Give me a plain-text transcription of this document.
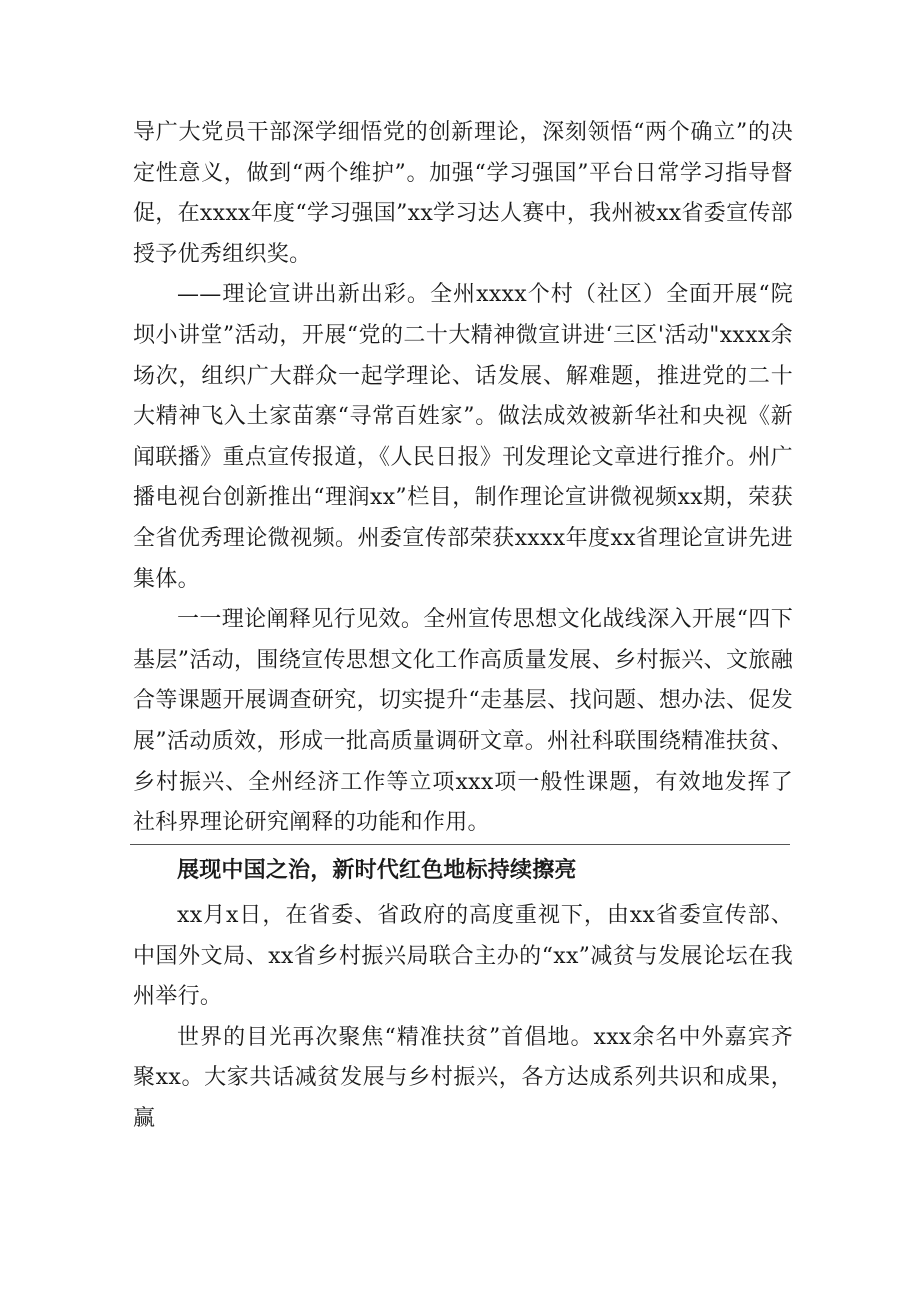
导广大党员干部深学细悟党的创新理论，深刻领悟“两个确立”的决定性意义，做到“两个维护”。加强“学习强国”平台日常学习指导督促，在xxxx年度“学习强国”xx学习达人赛中，我州被xx省委宣传部授予优秀组织奖。

——理论宣讲出新出彩。全州xxxx个村（社区）全面开展“院坝小讲堂”活动，开展“党的二十大精神微宣讲进‘三区'活动"xxxx余场次，组织广大群众一起学理论、话发展、解难题，推进党的二十大精神飞入土家苗寨“寻常百姓家”。做法成效被新华社和央视《新闻联播》重点宣传报道，《人民日报》刊发理论文章进行推介。州广播电视台创新推出“理润xx”栏目，制作理论宣讲微视频xx期，荣获全省优秀理论微视频。州委宣传部荣获xxxx年度xx省理论宣讲先进集体。

一一理论阐释见行见效。全州宣传思想文化战线深入开展“四下基层”活动，围绕宣传思想文化工作高质量发展、乡村振兴、文旅融合等课题开展调查研究，切实提升“走基层、找问题、想办法、促发展”活动质效，形成一批高质量调研文章。州社科联围绕精准扶贫、乡村振兴、全州经济工作等立项xxx项一般性课题，有效地发挥了社科界理论研究阐释的功能和作用。

展现中国之治，新时代红色地标持续擦亮

xx月x日，在省委、省政府的高度重视下，由xx省委宣传部、中国外文局、xx省乡村振兴局联合主办的“xx”减贫与发展论坛在我州举行。

世界的目光再次聚焦“精准扶贫”首倡地。xxx余名中外嘉宾齐聚xx。大家共话减贫发展与乡村振兴，各方达成系列共识和成果，赢
